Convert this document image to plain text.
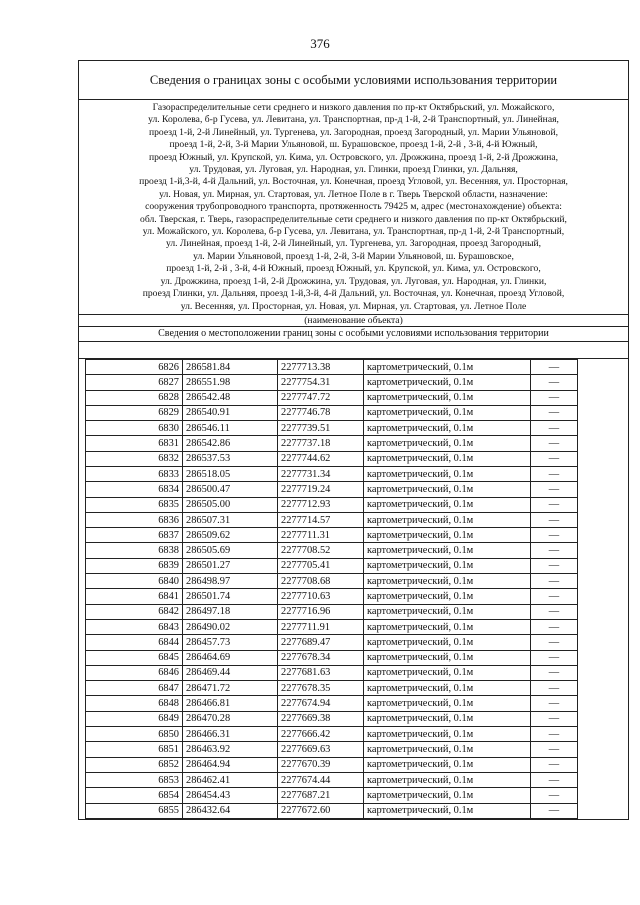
376
Сведения о границах зоны с особыми условиями использования территории
Газораспределительные сети среднего и низкого давления по пр-кт Октябрьский, ул. Можайского,
ул. Королева, б-р Гусева, ул. Левитана, ул. Транспортная, пр-д 1-й, 2-й Транспортный, ул. Линейная,
проезд 1-й, 2-й Линейный, ул. Тургенева, ул. Загородная, проезд Загородный, ул. Марии Ульяновой,
проезд 1-й, 2-й, 3-й Марии Ульяновой, ш. Бурашовское, проезд 1-й, 2-й , 3-й, 4-й Южный,
проезд Южный, ул. Крупской, ул. Кима, ул. Островского, ул. Дрожжина, проезд 1-й, 2-й Дрожжина,
ул. Трудовая, ул. Луговая, ул. Народная, ул. Глинки, проезд Глинки, ул. Дальняя,
проезд 1-й,3-й, 4-й Дальний, ул. Восточная, ул. Конечная, проезд Угловой, ул. Весенняя, ул. Просторная,
ул. Новая, ул. Мирная, ул. Стартовая, ул. Летное Поле в г. Тверь Тверской области, назначение:
сооружения трубопроводного транспорта, протяженность 79425 м, адрес (местонахождение) объекта:
обл. Тверская, г. Тверь, газораспределительные сети среднего и низкого давления по пр-кт Октябрьский,
ул. Можайского, ул. Королева, б-р Гусева, ул. Левитана, ул. Транспортная, пр-д 1-й, 2-й Транспортный,
ул. Линейная, проезд 1-й, 2-й Линейный, ул. Тургенева, ул. Загородная, проезд Загородный,
ул. Марии Ульяновой, проезд 1-й, 2-й, 3-й Марии Ульяновой, ш. Бурашовское,
проезд 1-й, 2-й , 3-й, 4-й Южный, проезд Южный, ул. Крупской, ул. Кима, ул. Островского,
ул. Дрожжина, проезд 1-й, 2-й Дрожжина, ул. Трудовая, ул. Луговая, ул. Народная, ул. Глинки,
проезд Глинки, ул. Дальняя, проезд 1-й,3-й, 4-й Дальний, ул. Восточная, ул. Конечная, проезд Угловой,
ул. Весенняя, ул. Просторная, ул. Новая, ул. Мирная, ул. Стартовая, ул. Летное Поле
(наименование объекта)
Сведения о местоположении границ зоны с особыми условиями использования территории
6826	286581.84	2277713.38	картометрический, 0.1м	—
6827	286551.98	2277754.31	картометрический, 0.1м	—
6828	286542.48	2277747.72	картометрический, 0.1м	—
6829	286540.91	2277746.78	картометрический, 0.1м	—
6830	286546.11	2277739.51	картометрический, 0.1м	—
6831	286542.86	2277737.18	картометрический, 0.1м	—
6832	286537.53	2277744.62	картометрический, 0.1м	—
6833	286518.05	2277731.34	картометрический, 0.1м	—
6834	286500.47	2277719.24	картометрический, 0.1м	—
6835	286505.00	2277712.93	картометрический, 0.1м	—
6836	286507.31	2277714.57	картометрический, 0.1м	—
6837	286509.62	2277711.31	картометрический, 0.1м	—
6838	286505.69	2277708.52	картометрический, 0.1м	—
6839	286501.27	2277705.41	картометрический, 0.1м	—
6840	286498.97	2277708.68	картометрический, 0.1м	—
6841	286501.74	2277710.63	картометрический, 0.1м	—
6842	286497.18	2277716.96	картометрический, 0.1м	—
6843	286490.02	2277711.91	картометрический, 0.1м	—
6844	286457.73	2277689.47	картометрический, 0.1м	—
6845	286464.69	2277678.34	картометрический, 0.1м	—
6846	286469.44	2277681.63	картометрический, 0.1м	—
6847	286471.72	2277678.35	картометрический, 0.1м	—
6848	286466.81	2277674.94	картометрический, 0.1м	—
6849	286470.28	2277669.38	картометрический, 0.1м	—
6850	286466.31	2277666.42	картометрический, 0.1м	—
6851	286463.92	2277669.63	картометрический, 0.1м	—
6852	286464.94	2277670.39	картометрический, 0.1м	—
6853	286462.41	2277674.44	картометрический, 0.1м	—
6854	286454.43	2277687.21	картометрический, 0.1м	—
6855	286432.64	2277672.60	картометрический, 0.1м	—
